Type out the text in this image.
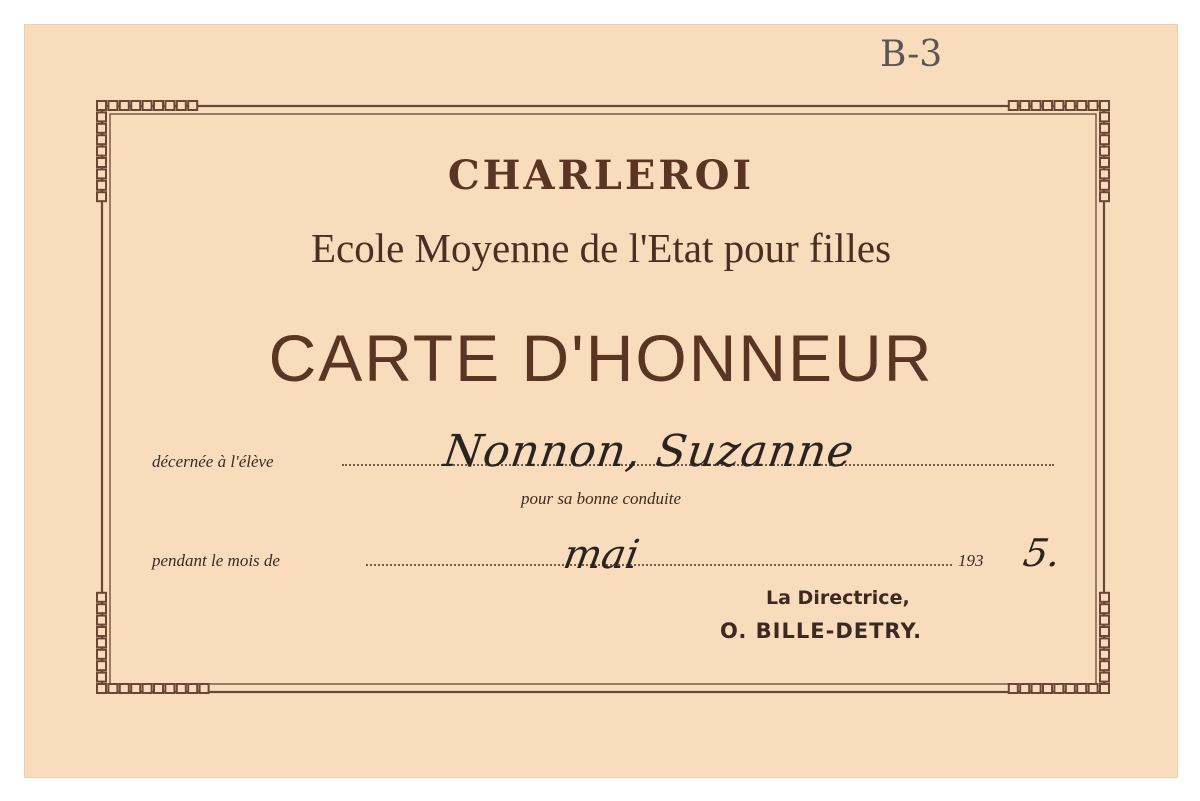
CHARLEROI
Ecole Moyenne de l'Etat pour filles
CARTE D'HONNEUR
décernée à l'élève	Nonnon, Suzanne
pour sa bonne conduite
pendant le mois de	mai	193 5.
La Directrice,
O. BILLE-DETRY.
B-3
